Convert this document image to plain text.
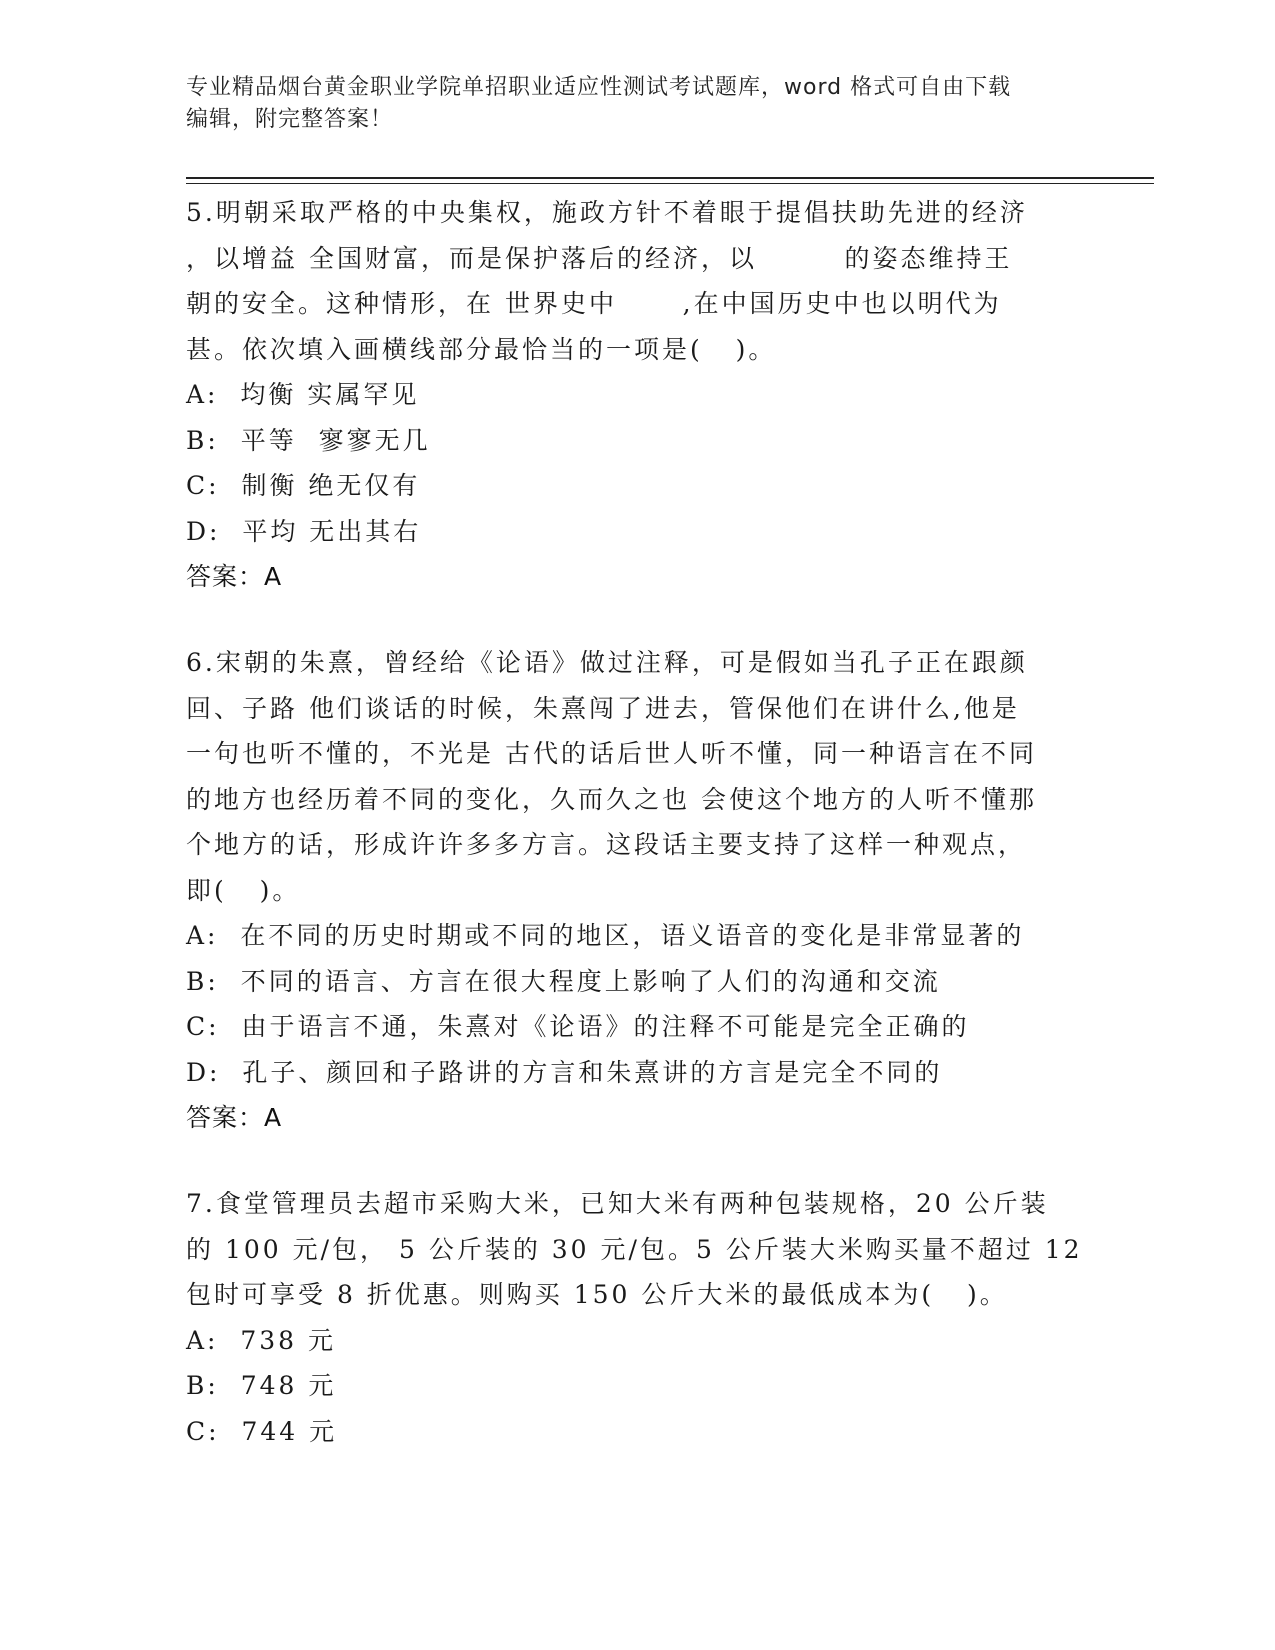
专业精品烟台黄金职业学院单招职业适应性测试考试题库，word 格式可自由下载
编辑，附完整答案！
5.明朝采取严格的中央集权，施政方针不着眼于提倡扶助先进的经济
，以增益 全国财富，而是保护落后的经济，以        的姿态维持王
朝的安全。这种情形，在 世界史中      ,在中国历史中也以明代为
甚。依次填入画横线部分最恰当的一项是(   )。
A:  均衡 实属罕见
B:  平等  寥寥无几
C:  制衡 绝无仅有
D:  平均 无出其右
答案：A
6.宋朝的朱熹，曾经给《论语》做过注释，可是假如当孔子正在跟颜
回、子路 他们谈话的时候，朱熹闯了进去，管保他们在讲什么,他是
一句也听不懂的，不光是 古代的话后世人听不懂，同一种语言在不同
的地方也经历着不同的变化，久而久之也 会使这个地方的人听不懂那
个地方的话，形成许许多多方言。这段话主要支持了这样一种观点，
即(   )。
A:  在不同的历史时期或不同的地区，语义语音的变化是非常显著的
B:  不同的语言、方言在很大程度上影响了人们的沟通和交流
C:  由于语言不通，朱熹对《论语》的注释不可能是完全正确的
D:  孔子、颜回和子路讲的方言和朱熹讲的方言是完全不同的
答案：A
7.食堂管理员去超市采购大米，已知大米有两种包装规格，20 公斤装
的 100 元/包， 5 公斤装的 30 元/包。5 公斤装大米购买量不超过 12
包时可享受 8 折优惠。则购买 150 公斤大米的最低成本为(   )。
A:  738 元
B:  748 元
C:  744 元
